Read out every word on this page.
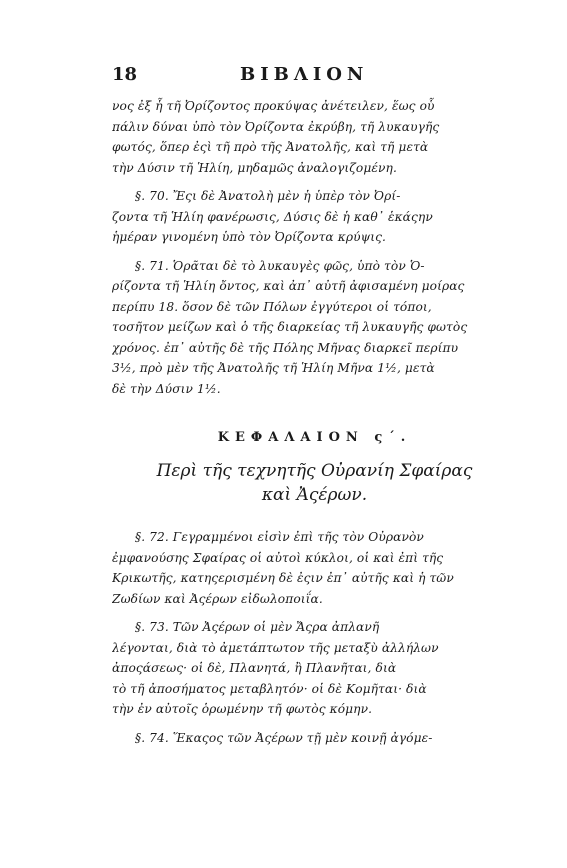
18	ΒΙΒΛΙΟΝ
νος ἐξ ἧ τῆ Ὀρίζοντος προκύψας ἀνέτειλεν, ἕως οὗ
πάλιν δύναι ὑπὸ τὸν Ὀρίζοντα ἐκρύβη, τῆ λυκαυγῆς
φωτός, ὅπερ ἐςὶ τῆ πρὸ τῆς Ἀνατολῆς, καὶ τῆ μετὰ
τὴν Δύσιν τῆ Ἡλίη, μηδαμῶς ἀναλογιζομένη.
§. 70. Ἔςι δὲ Ἀνατολὴ μὲν ἡ ὑπὲρ τὸν Ὀρί-
ζοντα τῆ Ἡλίη φανέρωσις, Δύσις δὲ ἡ καθ᾽ ἑκάςην
ἡμέραν γινομένη ὑπὸ τὸν Ὀρίζοντα κρύψις.
§. 71. Ὁρᾶται δὲ τὸ λυκαυγὲς φῶς, ὑπὸ τὸν Ὁ-
ρίζοντα τῆ Ἡλίη ὄντος, καὶ ἀπ᾽ αὐτῆ ἀφισαμένη μοίρας
περίπυ 18. ὅσον δὲ τῶν Πόλων ἐγγύτεροι οἱ τόποι,
τοσῆτον μείζων καὶ ὁ τῆς διαρκείας τῆ λυκαυγῆς φωτὸς
χρόνος. ἐπ᾽ αὐτῆς δὲ τῆς Πόλης Μῆνας διαρκεῖ περίπυ
3½, πρὸ μὲν τῆς Ἀνατολῆς τῆ Ἡλίη Μῆνα 1½, μετὰ
δὲ τὴν Δύσιν 1½.
ΚΕΦΑΛΑΙΟΝ ς΄.
Περὶ τῆς τεχνητῆς Οὐρανίη Σφαίρας
καὶ Ἀςέρων.
§. 72. Γεγραμμένοι εἰσὶν ἐπὶ τῆς τὸν Οὐρανὸν
ἐμφανούσης Σφαίρας οἱ αὐτοὶ κύκλοι, οἱ καὶ ἐπὶ τῆς
Κρικωτῆς, κατηςερισμένη δὲ ἐςιν ἐπ᾽ αὐτῆς καὶ ἡ τῶν
Ζωδίων καὶ Ἀςέρων εἰδωλοποιΐα.
§. 73. Τῶν Ἀςέρων οἱ μὲν Ἄςρα ἀπλανῆ
λέγονται, διὰ τὸ ἀμετάπτωτον τῆς μεταξὺ ἀλλήλων
ἀποςάσεως· οἱ δὲ, Πλανητά, ἢ Πλανῆται, διὰ
τὸ τῆ ἀποσήματος μεταβλητόν· οἱ δὲ Κομῆται· διὰ
τὴν ἐν αὐτοῖς ὁρωμένην τῆ φωτὸς κόμην.
§. 74. Ἕκαςος τῶν Ἀςέρων τῇ μὲν κοινῇ ἀγόμε-
